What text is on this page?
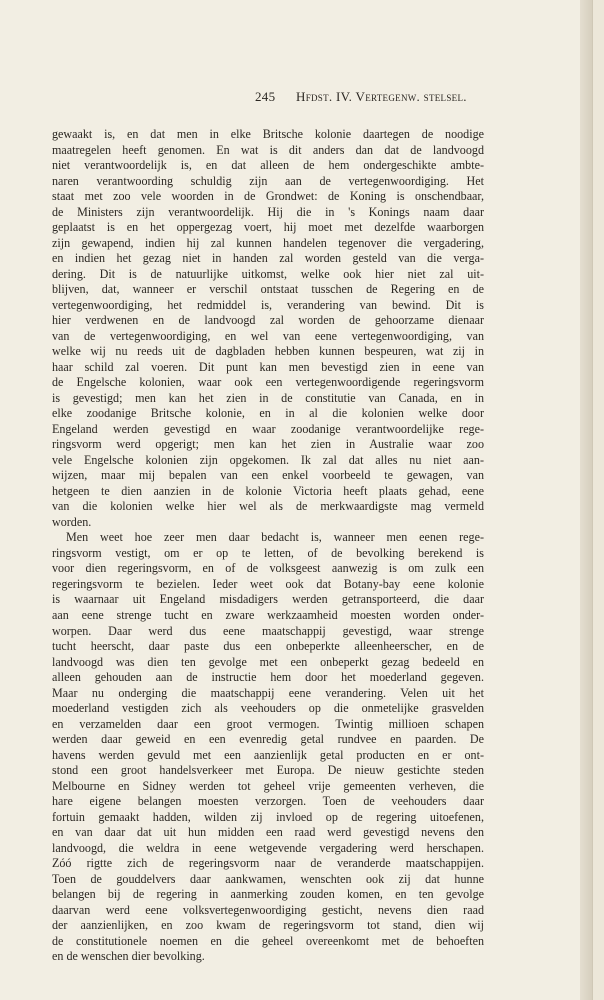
245 Hfdst. IV. Vertegenw. stelsel.
gewaakt is, en dat men in elke Britsche kolonie daartegen de noodige
maatregelen heeft genomen. En wat is dit anders dan dat de landvoogd
niet verantwoordelijk is, en dat alleen de hem ondergeschikte ambte-
naren verantwoording schuldig zijn aan de vertegenwoordiging. Het
staat met zoo vele woorden in de Grondwet: de Koning is onschendbaar,
de Ministers zijn verantwoordelijk. Hij die in 's Konings naam daar
geplaatst is en het oppergezag voert, hij moet met dezelfde waarborgen
zijn gewapend, indien hij zal kunnen handelen tegenover die vergadering,
en indien het gezag niet in handen zal worden gesteld van die verga-
dering. Dit is de natuurlijke uitkomst, welke ook hier niet zal uit-
blijven, dat, wanneer er verschil ontstaat tusschen de Regering en de
vertegenwoordiging, het redmiddel is, verandering van bewind. Dit is
hier verdwenen en de landvoogd zal worden de gehoorzame dienaar
van de vertegenwoordiging, en wel van eene vertegenwoordiging, van
welke wij nu reeds uit de dagbladen hebben kunnen bespeuren, wat zij in
haar schild zal voeren. Dit punt kan men bevestigd zien in eene van
de Engelsche kolonien, waar ook een vertegenwoordigende regeringsvorm
is gevestigd; men kan het zien in de constitutie van Canada, en in
elke zoodanige Britsche kolonie, en in al die kolonien welke door
Engeland werden gevestigd en waar zoodanige verantwoordelijke rege-
ringsvorm werd opgerigt; men kan het zien in Australie waar zoo
vele Engelsche kolonien zijn opgekomen. Ik zal dat alles nu niet aan-
wijzen, maar mij bepalen van een enkel voorbeeld te gewagen, van
hetgeen te dien aanzien in de kolonie Victoria heeft plaats gehad, eene
van die kolonien welke hier wel als de merkwaardigste mag vermeld
worden.
Men weet hoe zeer men daar bedacht is, wanneer men eenen rege-
ringsvorm vestigt, om er op te letten, of de bevolking berekend is
voor dien regeringsvorm, en of de volksgeest aanwezig is om zulk een
regeringsvorm te bezielen. Ieder weet ook dat Botany-bay eene kolonie
is waarnaar uit Engeland misdadigers werden getransporteerd, die daar
aan eene strenge tucht en zware werkzaamheid moesten worden onder-
worpen. Daar werd dus eene maatschappij gevestigd, waar strenge
tucht heerscht, daar paste dus een onbeperkte alleenheerscher, en de
landvoogd was dien ten gevolge met een onbeperkt gezag bedeeld en
alleen gehouden aan de instructie hem door het moederland gegeven.
Maar nu onderging die maatschappij eene verandering. Velen uit het
moederland vestigden zich als veehouders op die onmetelijke grasvelden
en verzamelden daar een groot vermogen. Twintig millioen schapen
werden daar geweid en een evenredig getal rundvee en paarden. De
havens werden gevuld met een aanzienlijk getal producten en er ont-
stond een groot handelsverkeer met Europa. De nieuw gestichte steden
Melbourne en Sidney werden tot geheel vrije gemeenten verheven, die
hare eigene belangen moesten verzorgen. Toen de veehouders daar
fortuin gemaakt hadden, wilden zij invloed op de regering uitoefenen,
en van daar dat uit hun midden een raad werd gevestigd nevens den
landvoogd, die weldra in eene wetgevende vergadering werd herschapen.
Zóó rigtte zich de regeringsvorm naar de veranderde maatschappijen.
Toen de gouddelvers daar aankwamen, wenschten ook zij dat hunne
belangen bij de regering in aanmerking zouden komen, en ten gevolge
daarvan werd eene volksvertegenwoordiging gesticht, nevens dien raad
der aanzienlijken, en zoo kwam de regeringsvorm tot stand, dien wij
de constitutionele noemen en die geheel overeenkomt met de behoeften
en de wenschen dier bevolking.
